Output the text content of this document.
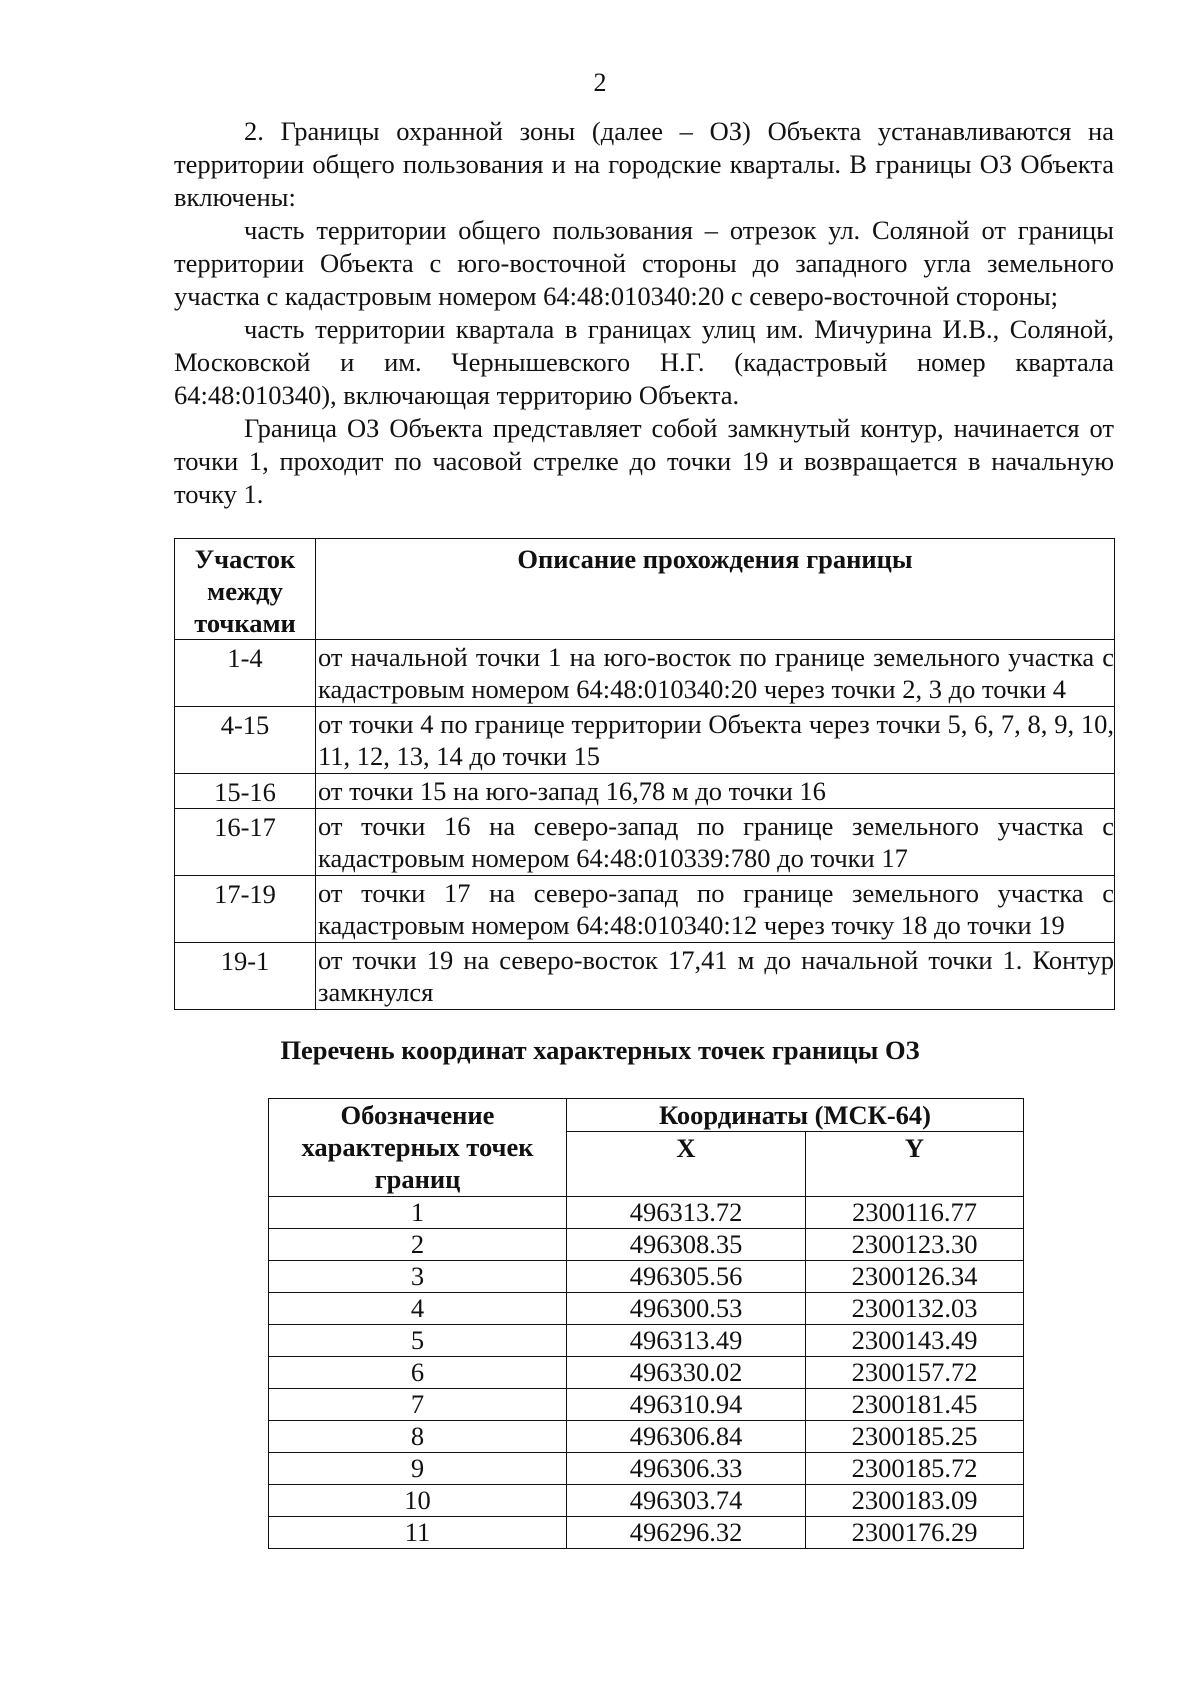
2

2. Границы охранной зоны (далее – ОЗ) Объекта устанавливаются на территории общего пользования и на городские кварталы. В границы ОЗ Объекта включены:

часть территории общего пользования – отрезок ул. Соляной от границы территории Объекта с юго-восточной стороны до западного угла земельного участка с кадастровым номером 64:48:010340:20 с северо-восточной стороны;

часть территории квартала в границах улиц им. Мичурина И.В., Соляной, Московской и им. Чернышевского Н.Г. (кадастровый номер квартала 64:48:010340), включающая территорию Объекта.

Граница ОЗ Объекта представляет собой замкнутый контур, начинается от точки 1, проходит по часовой стрелке до точки 19 и возвращается в начальную точку 1.

Участок между точками	Описание прохождения границы
1-4	от начальной точки 1 на юго-восток по границе земельного участка с кадастровым номером 64:48:010340:20 через точки 2, 3 до точки 4
4-15	от точки 4 по границе территории Объекта через точки 5, 6, 7, 8, 9, 10, 11, 12, 13, 14 до точки 15
15-16	от точки 15 на юго-запад 16,78 м до точки 16
16-17	от точки 16 на северо-запад по границе земельного участка с кадастровым номером 64:48:010339:780 до точки 17
17-19	от точки 17 на северо-запад по границе земельного участка с кадастровым номером 64:48:010340:12 через точку 18 до точки 19
19-1	от точки 19 на северо-восток 17,41 м до начальной точки 1. Контур замкнулся
Перечень координат характерных точек границы ОЗ
Обозначение характерных точек границ	Координаты (МСК-64)	
	X	Y
1	496313.72	2300116.77
2	496308.35	2300123.30
3	496305.56	2300126.34
4	496300.53	2300132.03
5	496313.49	2300143.49
6	496330.02	2300157.72
7	496310.94	2300181.45
8	496306.84	2300185.25
9	496306.33	2300185.72
10	496303.74	2300183.09
11	496296.32	2300176.29
